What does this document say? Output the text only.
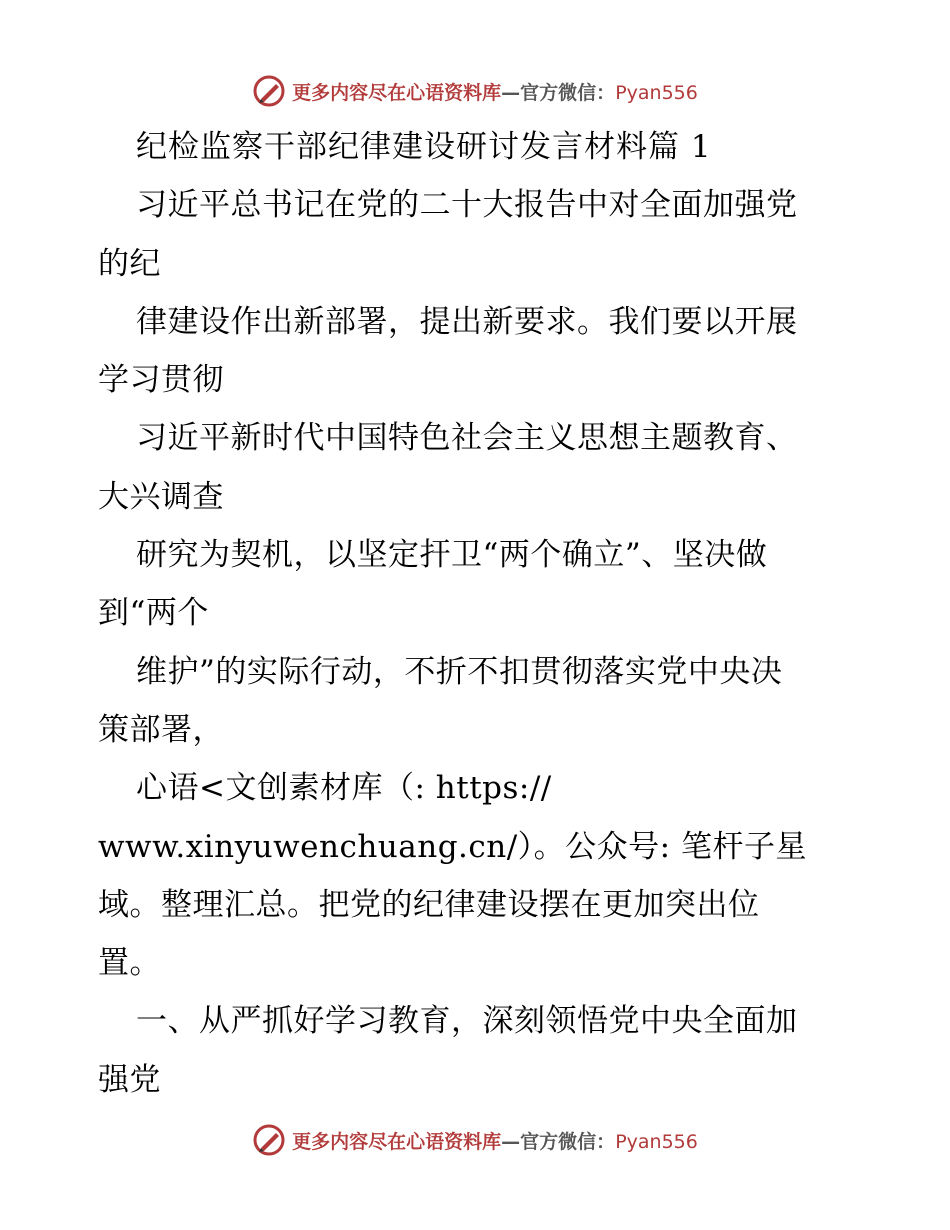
更多内容尽在心语资料库—官方微信：Pyan556
纪检监察干部纪律建设研讨发言材料篇 1
习近平总书记在党的二十大报告中对全面加强党
的纪
律建设作出新部署，提出新要求。我们要以开展
学习贯彻
习近平新时代中国特色社会主义思想主题教育、
大兴调查
研究为契机，以坚定扞卫“两个确立”、坚决做
到“两个
维护”的实际行动，不折不扣贯彻落实党中央决
策部署，
心语<文创素材库（: https://
www.xinyuwenchuang.cn/）。公众号: 笔杆子星
域。整理汇总。把党的纪律建设摆在更加突出位
置。
一、从严抓好学习教育，深刻领悟党中央全面加
强党
更多内容尽在心语资料库—官方微信：Pyan556
